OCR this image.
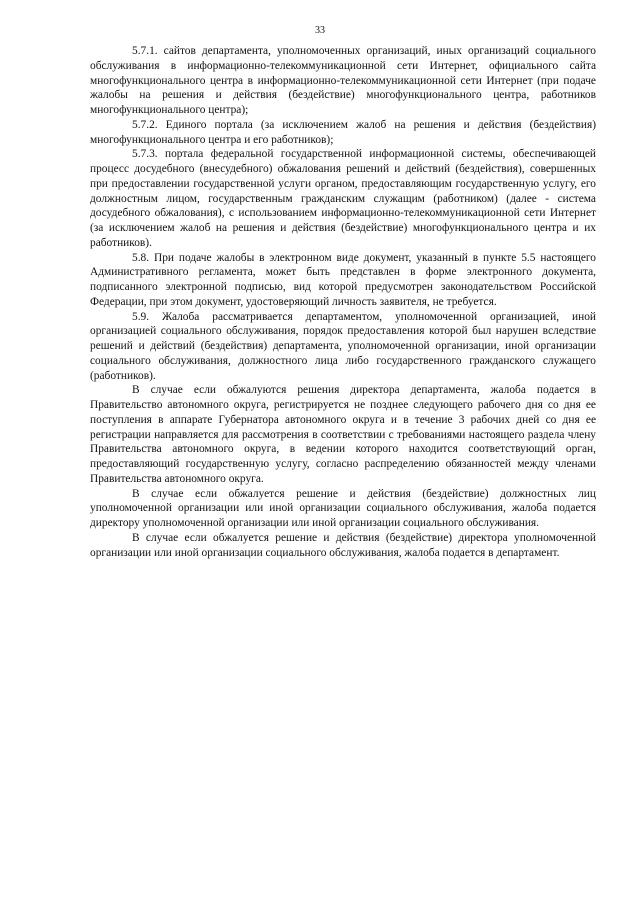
33

5.7.1. сайтов департамента, уполномоченных организаций, иных организаций социального обслуживания в информационно-телекоммуникационной сети Интернет, официального сайта многофункционального центра в информационно-телекоммуникационной сети Интернет (при подаче жалобы на решения и действия (бездействие) многофункционального центра, работников многофункционального центра);

5.7.2. Единого портала (за исключением жалоб на решения и действия (бездействия) многофункционального центра и его работников);

5.7.3. портала федеральной государственной информационной системы, обеспечивающей процесс досудебного (внесудебного) обжалования решений и действий (бездействия), совершенных при предоставлении государственной услуги органом, предоставляющим государственную услугу, его должностным лицом, государственным гражданским служащим (работником) (далее - система досудебного обжалования), с использованием информационно-телекоммуникационной сети Интернет (за исключением жалоб на решения и действия (бездействие) многофункционального центра и их работников).

5.8. При подаче жалобы в электронном виде документ, указанный в пункте 5.5 настоящего Административного регламента, может быть представлен в форме электронного документа, подписанного электронной подписью, вид которой предусмотрен законодательством Российской Федерации, при этом документ, удостоверяющий личность заявителя, не требуется.

5.9. Жалоба рассматривается департаментом, уполномоченной организацией, иной организацией социального обслуживания, порядок предоставления которой был нарушен вследствие решений и действий (бездействия) департамента, уполномоченной организации, иной организации социального обслуживания, должностного лица либо государственного гражданского служащего (работников).

В случае если обжалуются решения директора департамента, жалоба подается в Правительство автономного округа, регистрируется не позднее следующего рабочего дня со дня ее поступления в аппарате Губернатора автономного округа и в течение 3 рабочих дней со дня ее регистрации направляется для рассмотрения в соответствии с требованиями настоящего раздела члену Правительства автономного округа, в ведении которого находится соответствующий орган, предоставляющий государственную услугу, согласно распределению обязанностей между членами Правительства автономного округа.

В случае если обжалуется решение и действия (бездействие) должностных лиц уполномоченной организации или иной организации социального обслуживания, жалоба подается директору уполномоченной организации или иной организации социального обслуживания.

В случае если обжалуется решение и действия (бездействие) директора уполномоченной организации или иной организации социального обслуживания, жалоба подается в департамент.
